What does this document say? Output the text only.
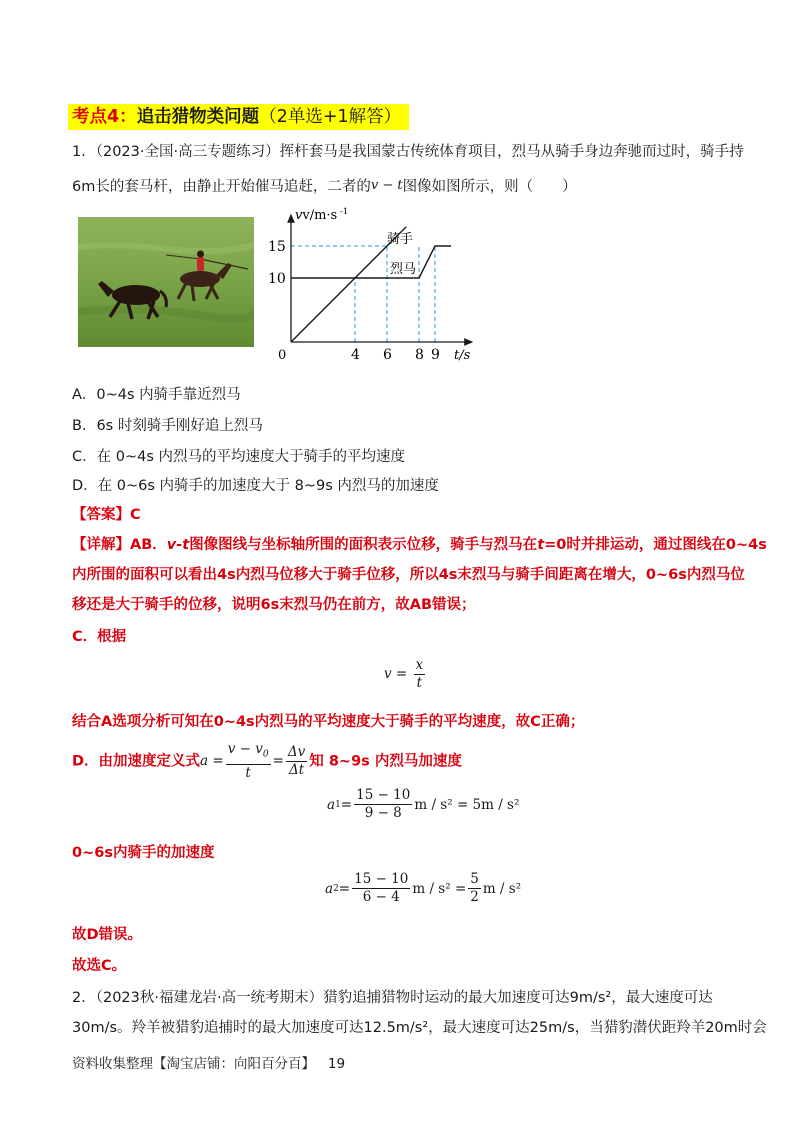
考点4：追击猎物类问题（2单选+1解答）
1．（2023·全国·高三专题练习）挥杆套马是我国蒙古传统体育项目，烈马从骑手身边奔驰而过时，骑手持
6m长的套马杆，由静止开始催马追赶，二者的v − t图像如图所示，则（　　）
15
10
4 6 8 9
vv/m·s -1
t/s
0
骑手
烈马
A．0~4s 内骑手靠近烈马
B．6s 时刻骑手刚好追上烈马
C．在 0~4s 内烈马的平均速度大于骑手的平均速度
D．在 0~6s 内骑手的加速度大于 8~9s 内烈马的加速度
【答案】C
【详解】AB．v-t图像图线与坐标轴所围的面积表示位移，骑手与烈马在t=0时并排运动，通过图线在0~4s
内所围的面积可以看出4s内烈马位移大于骑手位移，所以4s末烈马与骑手间距离在增大，0~6s内烈马位
移还是大于骑手的位移，说明6s末烈马仍在前方，故AB错误；
C．根据
$v = \frac{x}{t}$
结合A选项分析可知在0~4s内烈马的平均速度大于骑手的平均速度，故C正确；
D．由加速度定义式 $a = \frac{v - v_0}{t} = \frac{\Delta v}{\Delta t}$ 知 8~9s 内烈马加速度
a $1 = \frac{15 - 10}{9 - 8}$ m / s² = 5m / s²
0~6s内骑手的加速度
a $2 = \frac{15 - 10}{6 - 4}$ $m / s^2 = \frac{5}{2}$ m / s²
故D错误。
故选C。
2．（2023秋·福建龙岩·高一统考期末）猎豹追捕猎物时运动的最大加速度可达9m/s²，最大速度可达
30m/s。羚羊被猎豹追捕时的最大加速度可达12.5m/s²，最大速度可达25m/s，当猎豹潜伏距羚羊20m时会
资料收集整理【淘宝店铺：向阳百分百】 19
